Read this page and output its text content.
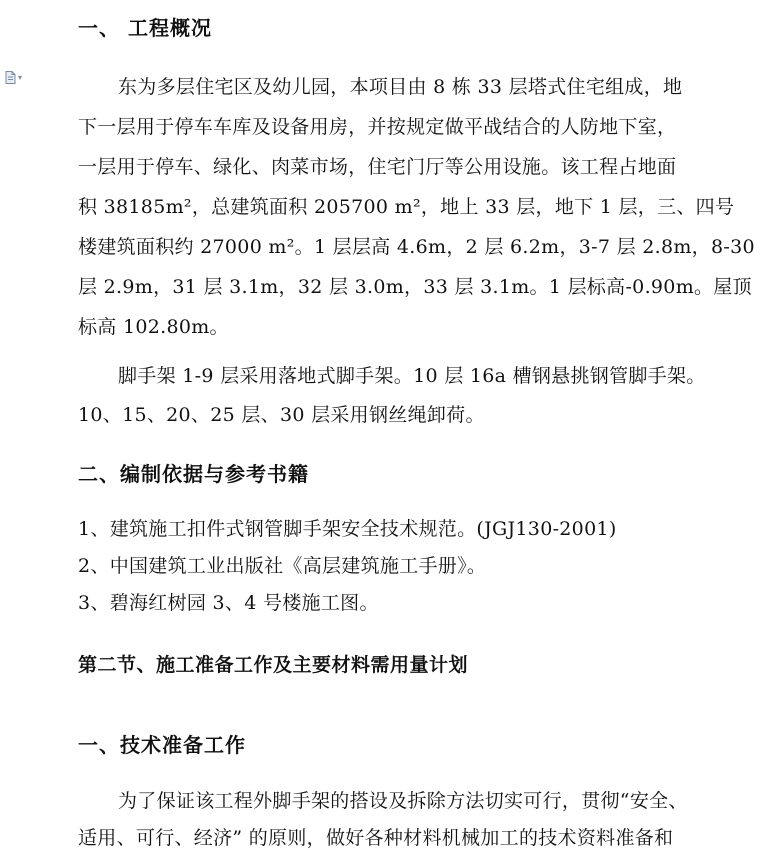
▾
一、 工程概况
东为多层住宅区及幼儿园，本项目由 8 栋 33 层塔式住宅组成，地
下一层用于停车车库及设备用房，并按规定做平战结合的人防地下室，
一层用于停车、绿化、肉菜市场，住宅门厅等公用设施。该工程占地面
积 38185m²，总建筑面积 205700 m²，地上 33 层，地下 1 层，三、四号
楼建筑面积约 27000 m²。1 层层高 4.6m，2 层 6.2m，3-7 层 2.8m，8-30
层 2.9m，31 层 3.1m，32 层 3.0m，33 层 3.1m。1 层标高-0.90m。屋顶
标高 102.80m。
脚手架 1-9 层采用落地式脚手架。10 层 16a 槽钢悬挑钢管脚手架。
10、15、20、25 层、30 层采用钢丝绳卸荷。
二、编制依据与参考书籍
1、建筑施工扣件式钢管脚手架安全技术规范。(JGJ130-2001)
2、中国建筑工业出版社《高层建筑施工手册》。
3、碧海红树园 3、4 号楼施工图。
第二节、施工准备工作及主要材料需用量计划
一、技术准备工作
为了保证该工程外脚手架的搭设及拆除方法切实可行，贯彻“安全、
适用、可行、经济” 的原则，做好各种材料机械加工的技术资料准备和
